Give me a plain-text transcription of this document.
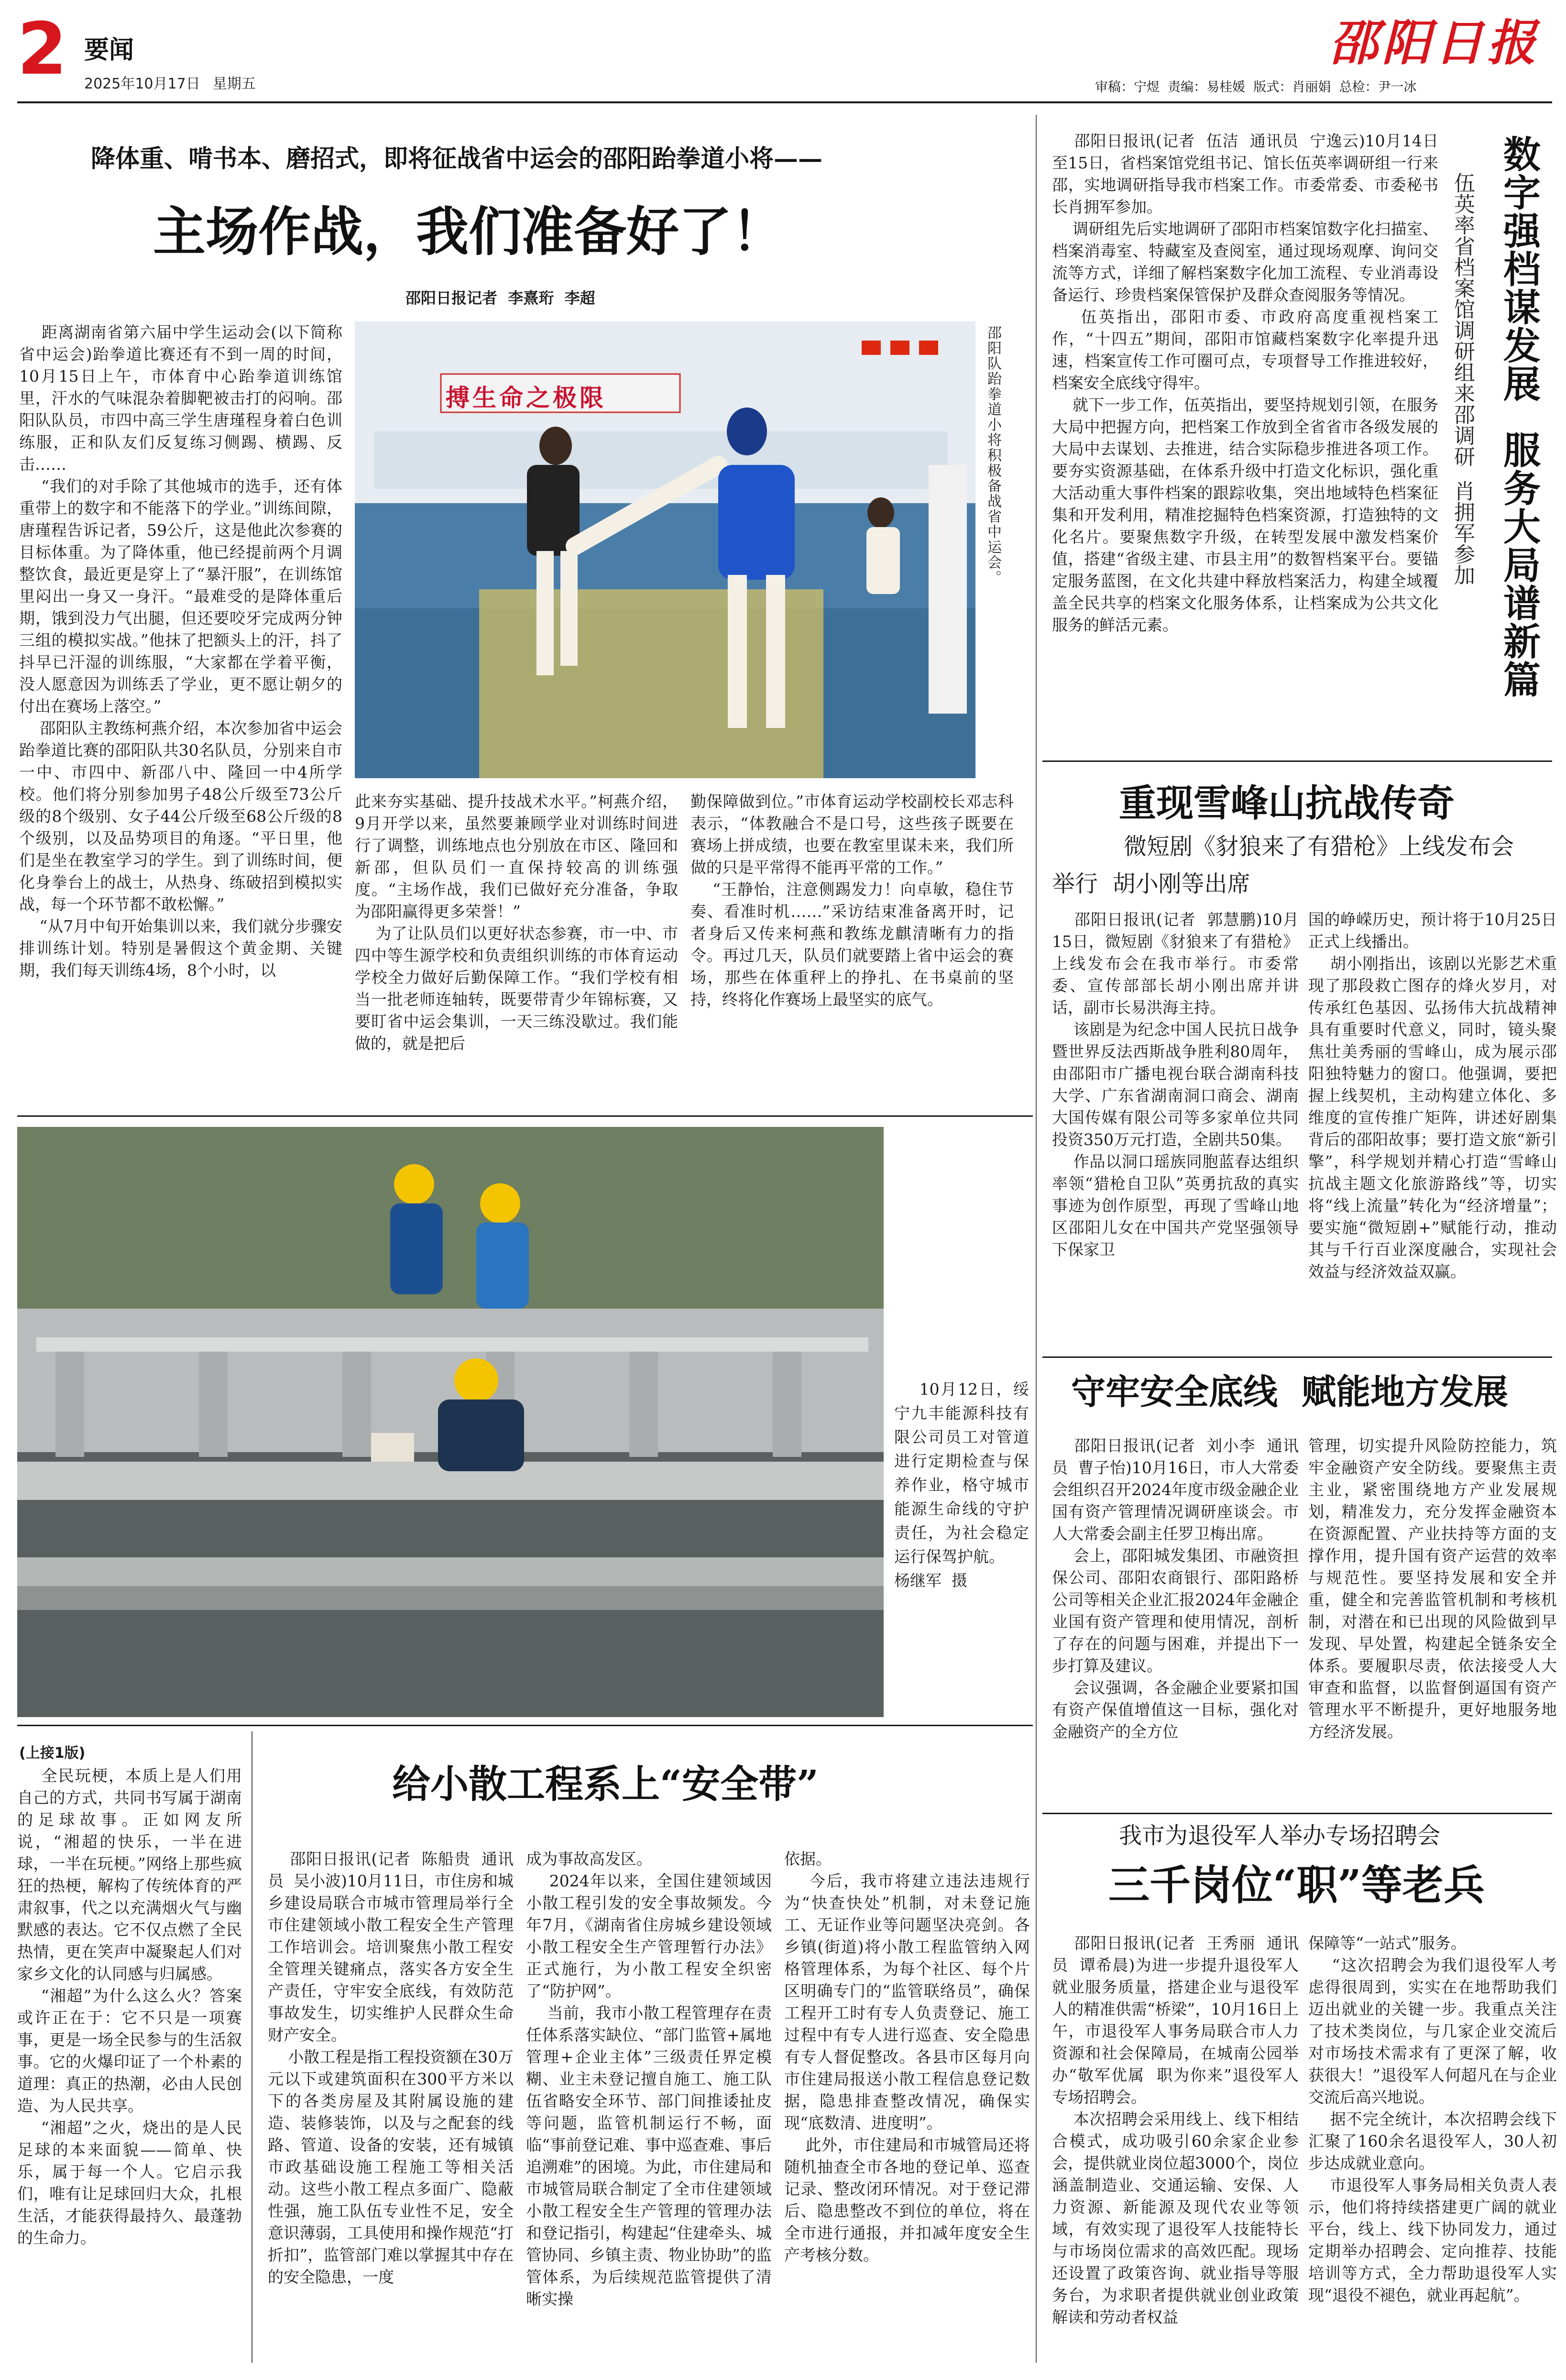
2 要闻
2025年10月17日 星期五
邵阳日报
审稿：宁煜  责编：易桂媛  版式：肖丽娟  总检：尹一冰
降体重、啃书本、磨招式，即将征战省中运会的邵阳跆拳道小将——
主场作战，我们准备好了！
邵阳日报记者  李熹珩  李超
距离湖南省第六届中学生运动会(以下简称省中运会)跆拳道比赛还有不到一周的时间，10月15日上午，市体育中心跆拳道训练馆里，汗水的气味混杂着脚靶被击打的闷响。邵阳队队员，市四中高三学生唐瑾程身着白色训练服，正和队友们反复练习侧踢、横踢、反击……
“我们的对手除了其他城市的选手，还有体重带上的数字和不能落下的学业。”训练间隙，唐瑾程告诉记者，59公斤，这是他此次参赛的目标体重。为了降体重，他已经提前两个月调整饮食，最近更是穿上了“暴汗服”，在训练馆里闷出一身又一身汗。“最难受的是降体重后期，饿到没力气出腿，但还要咬牙完成两分钟三组的模拟实战。”他抹了把额头上的汗，抖了抖早已汗湿的训练服，“大家都在学着平衡，没人愿意因为训练丢了学业，更不愿让朝夕的付出在赛场上落空。”
邵阳队主教练柯燕介绍，本次参加省中运会跆拳道比赛的邵阳队共30名队员，分别来自市一中、市四中、新邵八中、隆回一中4所学校。他们将分别参加男子48公斤级至73公斤级的8个级别、女子44公斤级至68公斤级的8个级别，以及品势项目的角逐。“平日里，他们是坐在教室学习的学生。到了训练时间，便化身拳台上的战士，从热身、练破招到模拟实战，每一个环节都不敢松懈。”
“从7月中旬开始集训以来，我们就分步骤安排训练计划。特别是暑假这个黄金期、关键期，我们每天训练4场，8个小时，以
搏生命之极限	邵阳队跆拳道小将积极备战省中运会。
此来夯实基础、提升技战术水平。”柯燕介绍，9月开学以来，虽然要兼顾学业对训练时间进行了调整，训练地点也分别放在市区、隆回和新邵，但队员们一直保持较高的训练强度。“主场作战，我们已做好充分准备，争取为邵阳赢得更多荣誉！”
为了让队员们以更好状态参赛，市一中、市四中等生源学校和负责组织训练的市体育运动学校全力做好后勤保障工作。“我们学校有相当一批老师连轴转，既要带青少年锦标赛，又要盯省中运会集训，一天三练没歇过。我们能做的，就是把后
勤保障做到位。”市体育运动学校副校长邓志科表示，“体教融合不是口号，这些孩子既要在赛场上拼成绩，也要在教室里谋未来，我们所做的只是平常得不能再平常的工作。”
“王静怡，注意侧踢发力！向卓敏，稳住节奏、看准时机……”采访结束准备离开时，记者身后又传来柯燕和教练龙麒清晰有力的指令。再过几天，队员们就要踏上省中运会的赛场，那些在体重秤上的挣扎、在书桌前的坚持，终将化作赛场上最坚实的底气。
邵阳日报讯(记者  伍洁  通讯员  宁逸云)10月14日至15日，省档案馆党组书记、馆长伍英率调研组一行来邵，实地调研指导我市档案工作。市委常委、市委秘书长肖拥军参加。
调研组先后实地调研了邵阳市档案馆数字化扫描室、档案消毒室、特藏室及查阅室，通过现场观摩、询问交流等方式，详细了解档案数字化加工流程、专业消毒设备运行、珍贵档案保管保护及群众查阅服务等情况。
伍英指出，邵阳市委、市政府高度重视档案工作，“十四五”期间，邵阳市馆藏档案数字化率提升迅速，档案宣传工作可圈可点，专项督导工作推进较好，档案安全底线守得牢。
就下一步工作，伍英指出，要坚持规划引领，在服务大局中把握方向，把档案工作放到全省省市各级发展的大局中去谋划、去推进，结合实际稳步推进各项工作。要夯实资源基础，在体系升级中打造文化标识，强化重大活动重大事件档案的跟踪收集，突出地域特色档案征集和开发利用，精准挖掘特色档案资源，打造独特的文化名片。要聚焦数字升级，在转型发展中激发档案价值，搭建“省级主建、市县主用”的数智档案平台。要锚定服务蓝图，在文化共建中释放档案活力，构建全域覆盖全民共享的档案文化服务体系，让档案成为公共文化服务的鲜活元素。	数字强档谋发展  服务大局谱新篇
伍英率省档案馆调研组来邵调研  肖拥军参加
重现雪峰山抗战传奇
微短剧《豺狼来了有猎枪》上线发布会
举行  胡小刚等出席
邵阳日报讯(记者  郭慧鹏)10月15日，微短剧《豺狼来了有猎枪》上线发布会在我市举行。市委常委、宣传部部长胡小刚出席并讲话，副市长易洪海主持。
该剧是为纪念中国人民抗日战争暨世界反法西斯战争胜利80周年，由邵阳市广播电视台联合湖南科技大学、广东省湖南洞口商会、湖南大国传媒有限公司等多家单位共同投资350万元打造，全剧共50集。
作品以洞口瑶族同胞蓝春达组织率领“猎枪自卫队”英勇抗敌的真实事迹为创作原型，再现了雪峰山地区邵阳儿女在中国共产党坚强领导下保家卫
国的峥嵘历史，预计将于10月25日正式上线播出。
胡小刚指出，该剧以光影艺术重现了那段救亡图存的烽火岁月，对传承红色基因、弘扬伟大抗战精神具有重要时代意义，同时，镜头聚焦壮美秀丽的雪峰山，成为展示邵阳独特魅力的窗口。他强调，要把握上线契机，主动构建立体化、多维度的宣传推广矩阵，讲述好剧集背后的邵阳故事；要打造文旅“新引擎”，科学规划并精心打造“雪峰山抗战主题文化旅游路线”等，切实将“线上流量”转化为“经济增量”；要实施“微短剧+”赋能行动，推动其与千行百业深度融合，实现社会效益与经济效益双赢。
10月12日，绥宁九丰能源科技有限公司员工对管道进行定期检查与保养作业，格守城市能源生命线的守护责任，为社会稳定运行保驾护航。
杨继军  摄
守牢安全底线  赋能地方发展
邵阳日报讯(记者  刘小李  通讯员  曹子怡)10月16日，市人大常委会组织召开2024年度市级金融企业国有资产管理情况调研座谈会。市人大常委会副主任罗卫梅出席。
会上，邵阳城发集团、市融资担保公司、邵阳农商银行、邵阳路桥公司等相关企业汇报2024年金融企业国有资产管理和使用情况，剖析了存在的问题与困难，并提出下一步打算及建议。
会议强调，各金融企业要紧扣国有资产保值增值这一目标，强化对金融资产的全方位
管理，切实提升风险防控能力，筑牢金融资产安全防线。要聚焦主责主业，紧密围绕地方产业发展规划，精准发力，充分发挥金融资本在资源配置、产业扶持等方面的支撑作用，提升国有资产运营的效率与规范性。要坚持发展和安全并重，健全和完善监管机制和考核机制，对潜在和已出现的风险做到早发现、早处置，构建起全链条安全体系。要履职尽责，依法接受人大审查和监督，以监督倒逼国有资产管理水平不断提升，更好地服务地方经济发展。
(上接1版)
全民玩梗，本质上是人们用自己的方式，共同书写属于湖南的足球故事。正如网友所说，“湘超的快乐，一半在进球，一半在玩梗。”网络上那些疯狂的热梗，解构了传统体育的严肃叙事，代之以充满烟火气与幽默感的表达。它不仅点燃了全民热情，更在笑声中凝聚起人们对家乡文化的认同感与归属感。
“湘超”为什么这么火？答案或许正在于：它不只是一项赛事，更是一场全民参与的生活叙事。它的火爆印证了一个朴素的道理：真正的热潮，必由人民创造、为人民共享。
“湘超”之火，烧出的是人民足球的本来面貌——简单、快乐，属于每一个人。它启示我们，唯有让足球回归大众，扎根生活，才能获得最持久、最蓬勃的生命力。
给小散工程系上“安全带”
邵阳日报讯(记者  陈船贵  通讯员  吴小波)10月11日，市住房和城乡建设局联合市城市管理局举行全市住建领域小散工程安全生产管理工作培训会。培训聚焦小散工程安全管理关键痛点，落实各方安全生产责任，守牢安全底线，有效防范事故发生，切实维护人民群众生命财产安全。
小散工程是指工程投资额在30万元以下或建筑面积在300平方米以下的各类房屋及其附属设施的建造、装修装饰，以及与之配套的线路、管道、设备的安装，还有城镇市政基础设施工程施工等相关活动。这些小散工程点多面广、隐蔽性强，施工队伍专业性不足，安全意识薄弱，工具使用和操作规范“打折扣”，监管部门难以掌握其中存在的安全隐患，一度
成为事故高发区。
2024年以来，全国住建领域因小散工程引发的安全事故频发。今年7月，《湖南省住房城乡建设领域小散工程安全生产管理暂行办法》正式施行，为小散工程安全织密了“防护网”。
当前，我市小散工程管理存在责任体系落实缺位、“部门监管+属地管理+企业主体”三级责任界定模糊、业主未登记擅自施工、施工队伍省略安全环节、部门间推诿扯皮等问题，监管机制运行不畅，面临“事前登记难、事中巡查难、事后追溯难”的困境。为此，市住建局和市城管局联合制定了全市住建领域小散工程安全生产管理的管理办法和登记指引，构建起“住建牵头、城管协同、乡镇主责、物业协助”的监管体系，为后续规范监管提供了清晰实操
依据。
今后，我市将建立违法违规行为“快查快处”机制，对未登记施工、无证作业等问题坚决亮剑。各乡镇(街道)将小散工程监管纳入网格管理体系，为每个社区、每个片区明确专门的“监管联络员”，确保工程开工时有专人负责登记、施工过程中有专人进行巡查、安全隐患有专人督促整改。各县市区每月向市住建局报送小散工程信息登记数据，隐患排查整改情况，确保实现“底数清、进度明”。
此外，市住建局和市城管局还将随机抽查全市各地的登记单、巡查记录、整改闭环情况。对于登记滞后、隐患整改不到位的单位，将在全市进行通报，并扣减年度安全生产考核分数。
我市为退役军人举办专场招聘会
三千岗位“职”等老兵
邵阳日报讯(记者  王秀丽  通讯员  谭希晨)为进一步提升退役军人就业服务质量，搭建企业与退役军人的精准供需“桥梁”，10月16日上午，市退役军人事务局联合市人力资源和社会保障局，在城南公园举办“敬军优属  职为你来”退役军人专场招聘会。
本次招聘会采用线上、线下相结合模式，成功吸引60余家企业参会，提供就业岗位超3000个，岗位涵盖制造业、交通运输、安保、人力资源、新能源及现代农业等领域，有效实现了退役军人技能特长与市场岗位需求的高效匹配。现场还设置了政策咨询、就业指导等服务台，为求职者提供就业创业政策解读和劳动者权益
保障等“一站式”服务。
“这次招聘会为我们退役军人考虑得很周到，实实在在地帮助我们迈出就业的关键一步。我重点关注了技术类岗位，与几家企业交流后对市场技术需求有了更深了解，收获很大！”退役军人何超凡在与企业交流后高兴地说。
据不完全统计，本次招聘会线下汇聚了160余名退役军人，30人初步达成就业意向。
市退役军人事务局相关负责人表示，他们将持续搭建更广阔的就业平台，线上、线下协同发力，通过定期举办招聘会、定向推荐、技能培训等方式，全力帮助退役军人实现“退役不褪色，就业再起航”。
